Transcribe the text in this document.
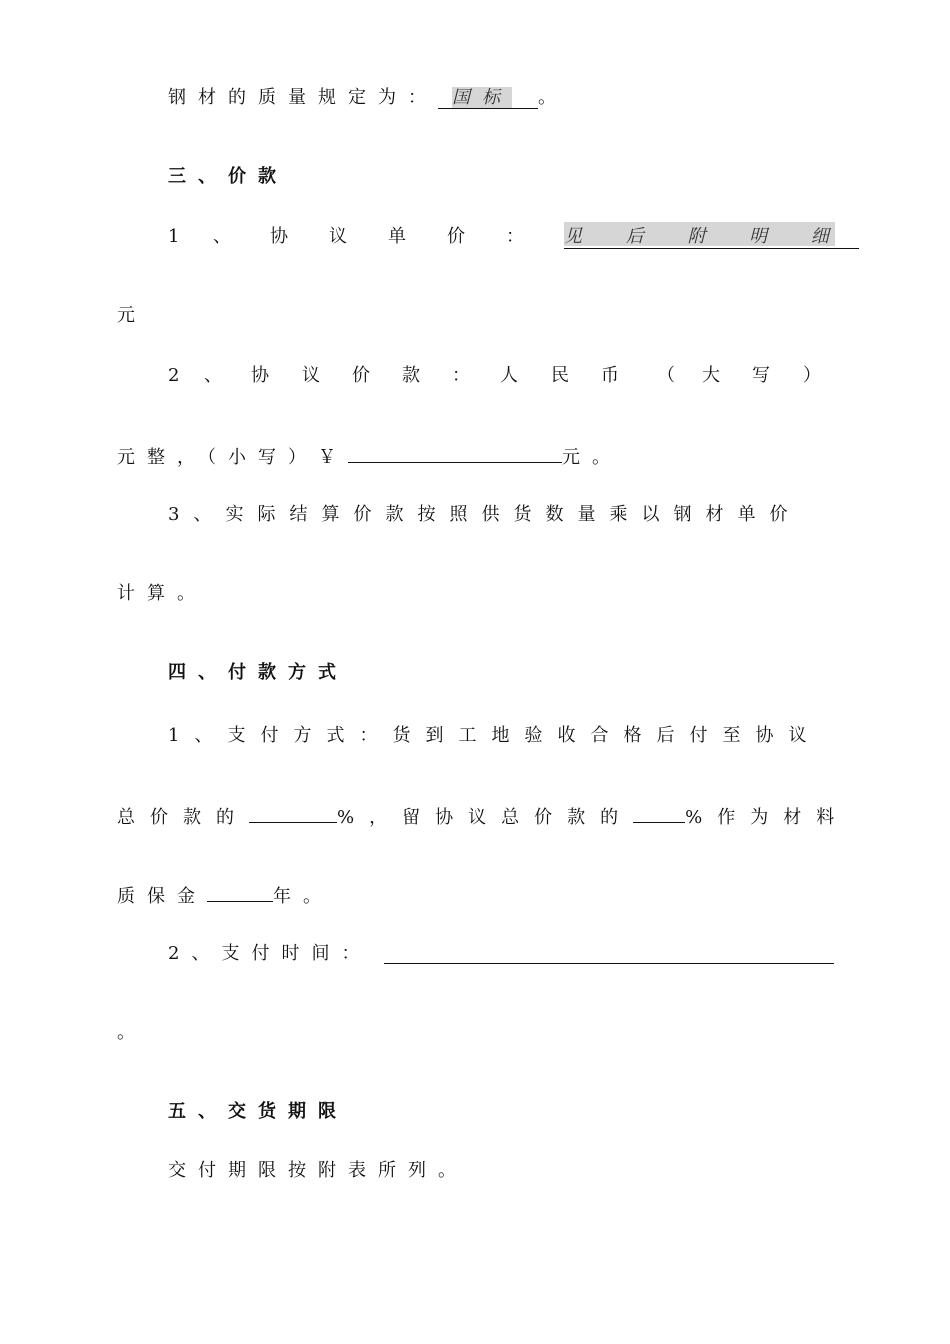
钢材的质量规定为： 国标 。
三、价款
1 、 协 议 单 价 ： 见 后 附 明 细
元
2 、 协 议 价 款 ： 人 民 币 （ 大 写 ）
元整，（小写）￥	元。
3、实际结算价款按照供货数量乘以钢材单价
计算。
四、付款方式
1、支付方式：货到工地验收合格后付至协议
总价款的	%，留协议总价款的	%作为材料
质保金	年。
2、支付时间：
。
五、交货期限
交付期限按附表所列。
